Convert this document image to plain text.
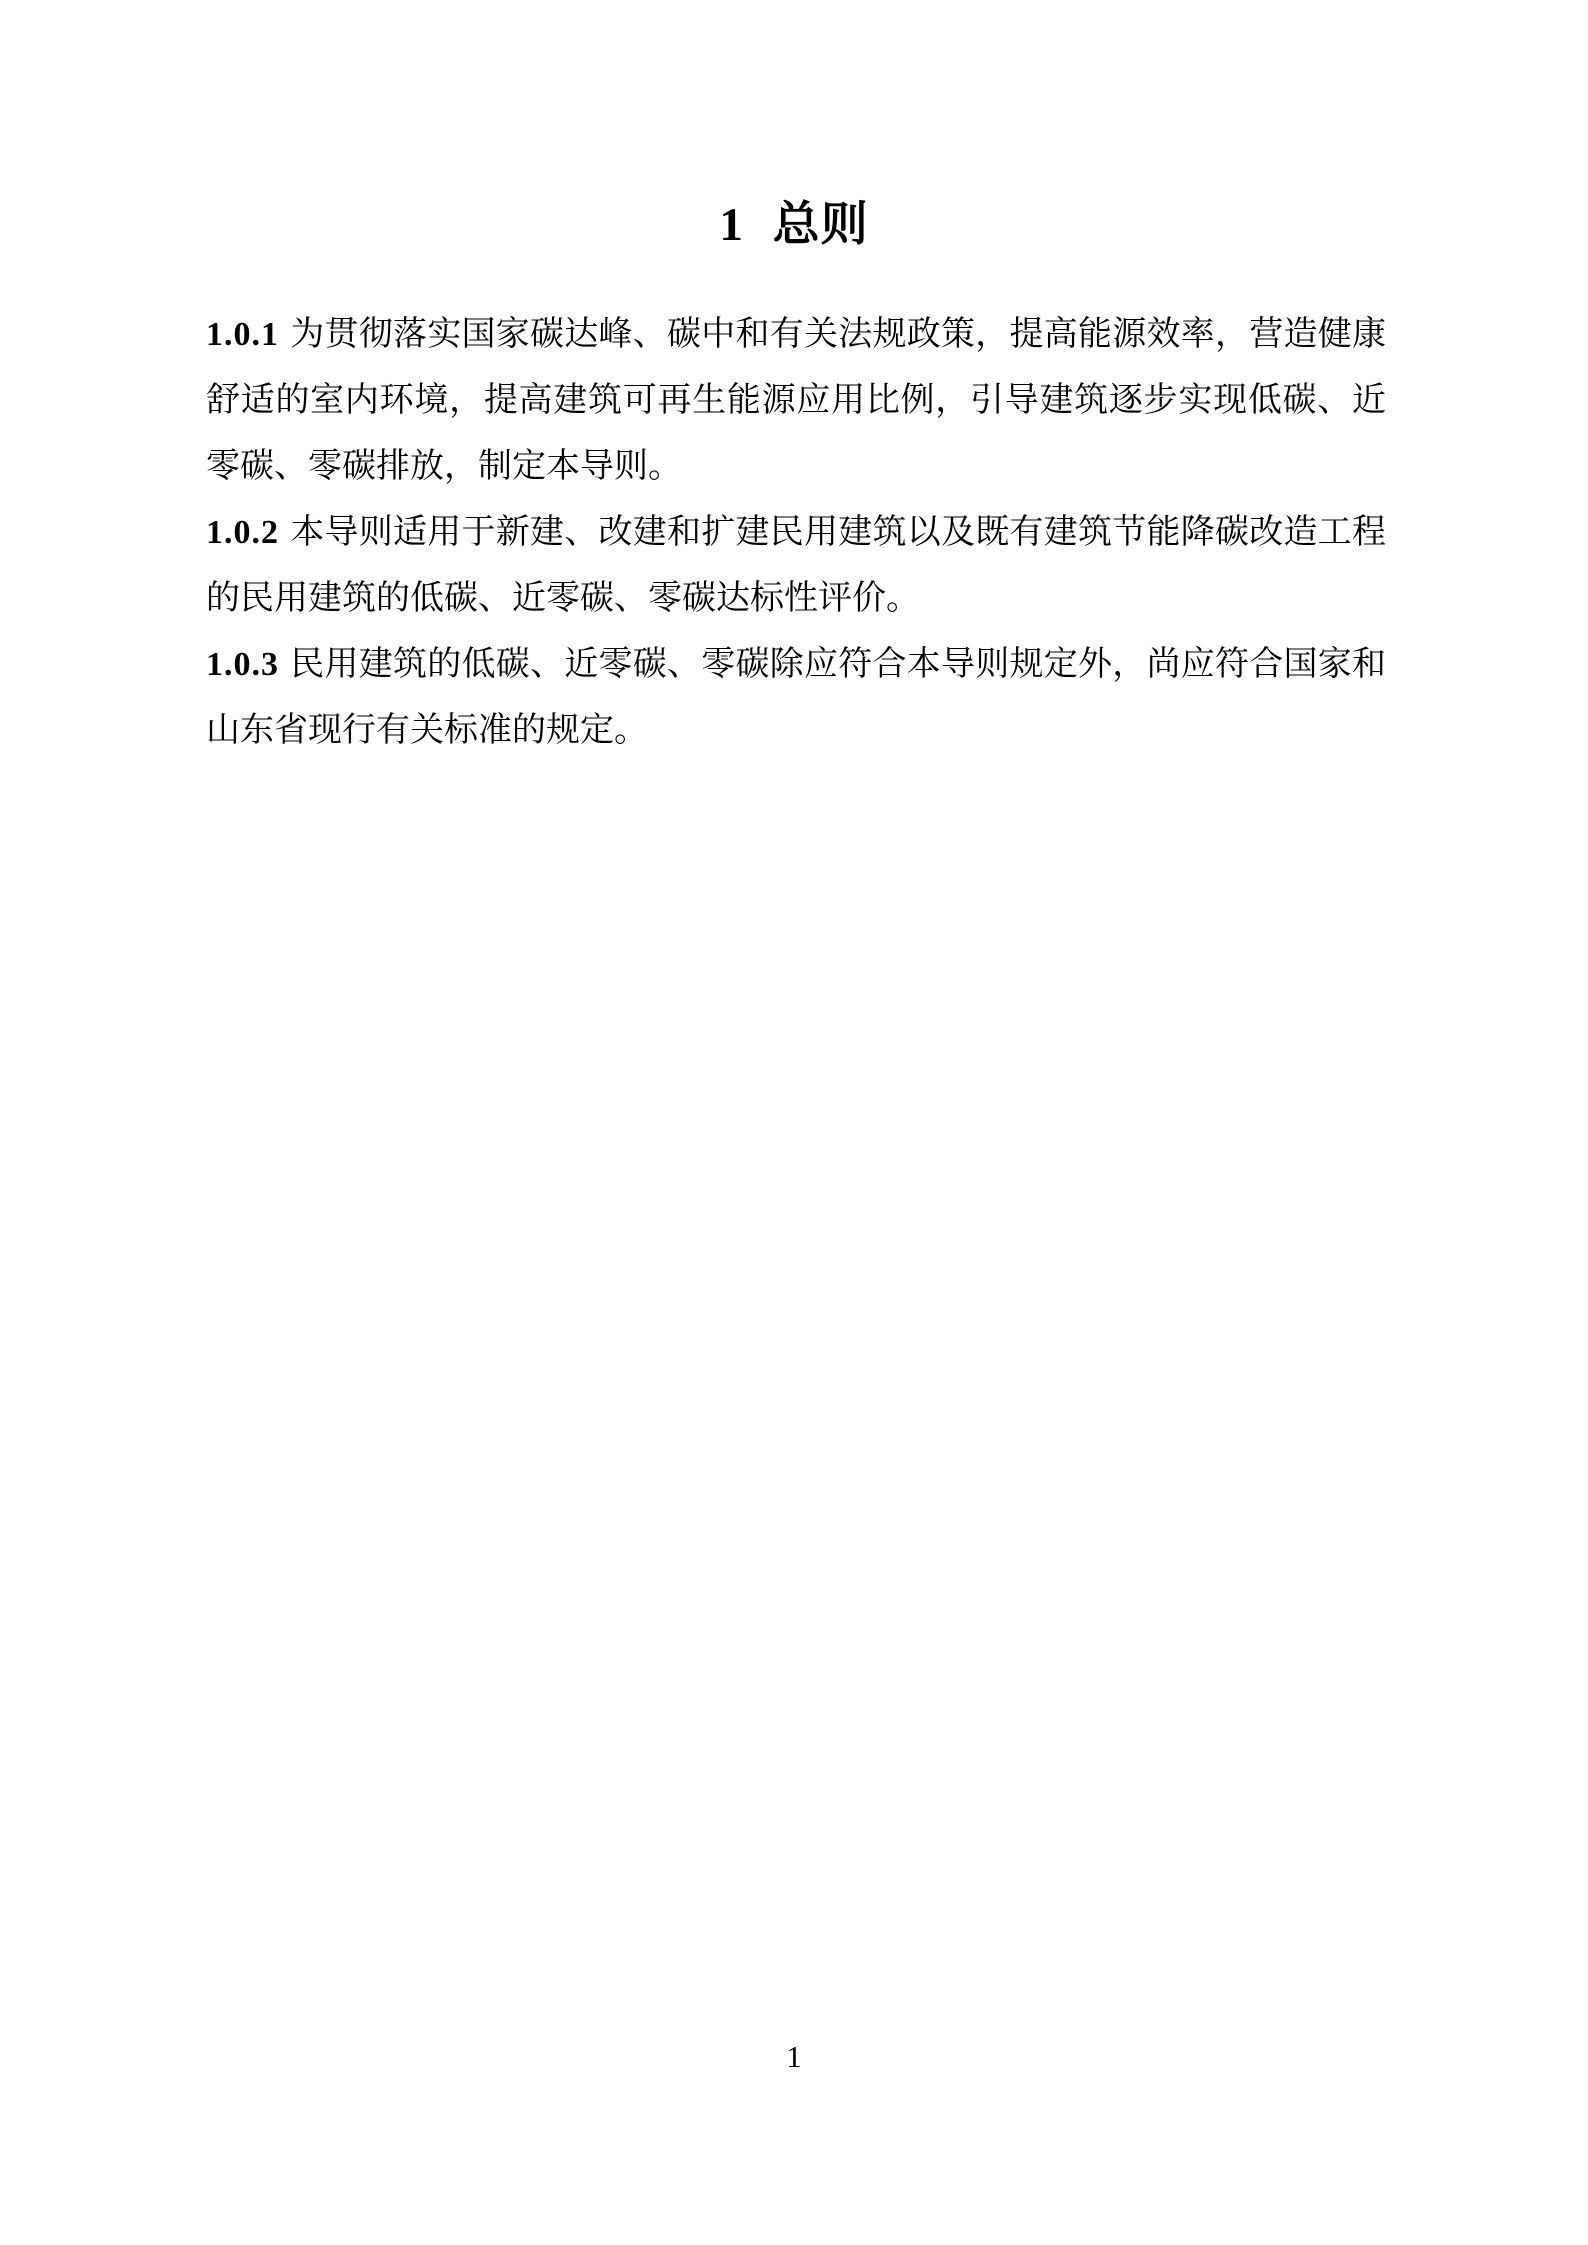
1 总则

1.0.1 为贯彻落实国家碳达峰、碳中和有关法规政策，提高能源效率，营造健康舒适的室内环境，提高建筑可再生能源应用比例，引导建筑逐步实现低碳、近零碳、零碳排放，制定本导则。

1.0.2 本导则适用于新建、改建和扩建民用建筑以及既有建筑节能降碳改造工程的民用建筑的低碳、近零碳、零碳达标性评价。

1.0.3 民用建筑的低碳、近零碳、零碳除应符合本导则规定外，尚应符合国家和山东省现行有关标准的规定。

1
